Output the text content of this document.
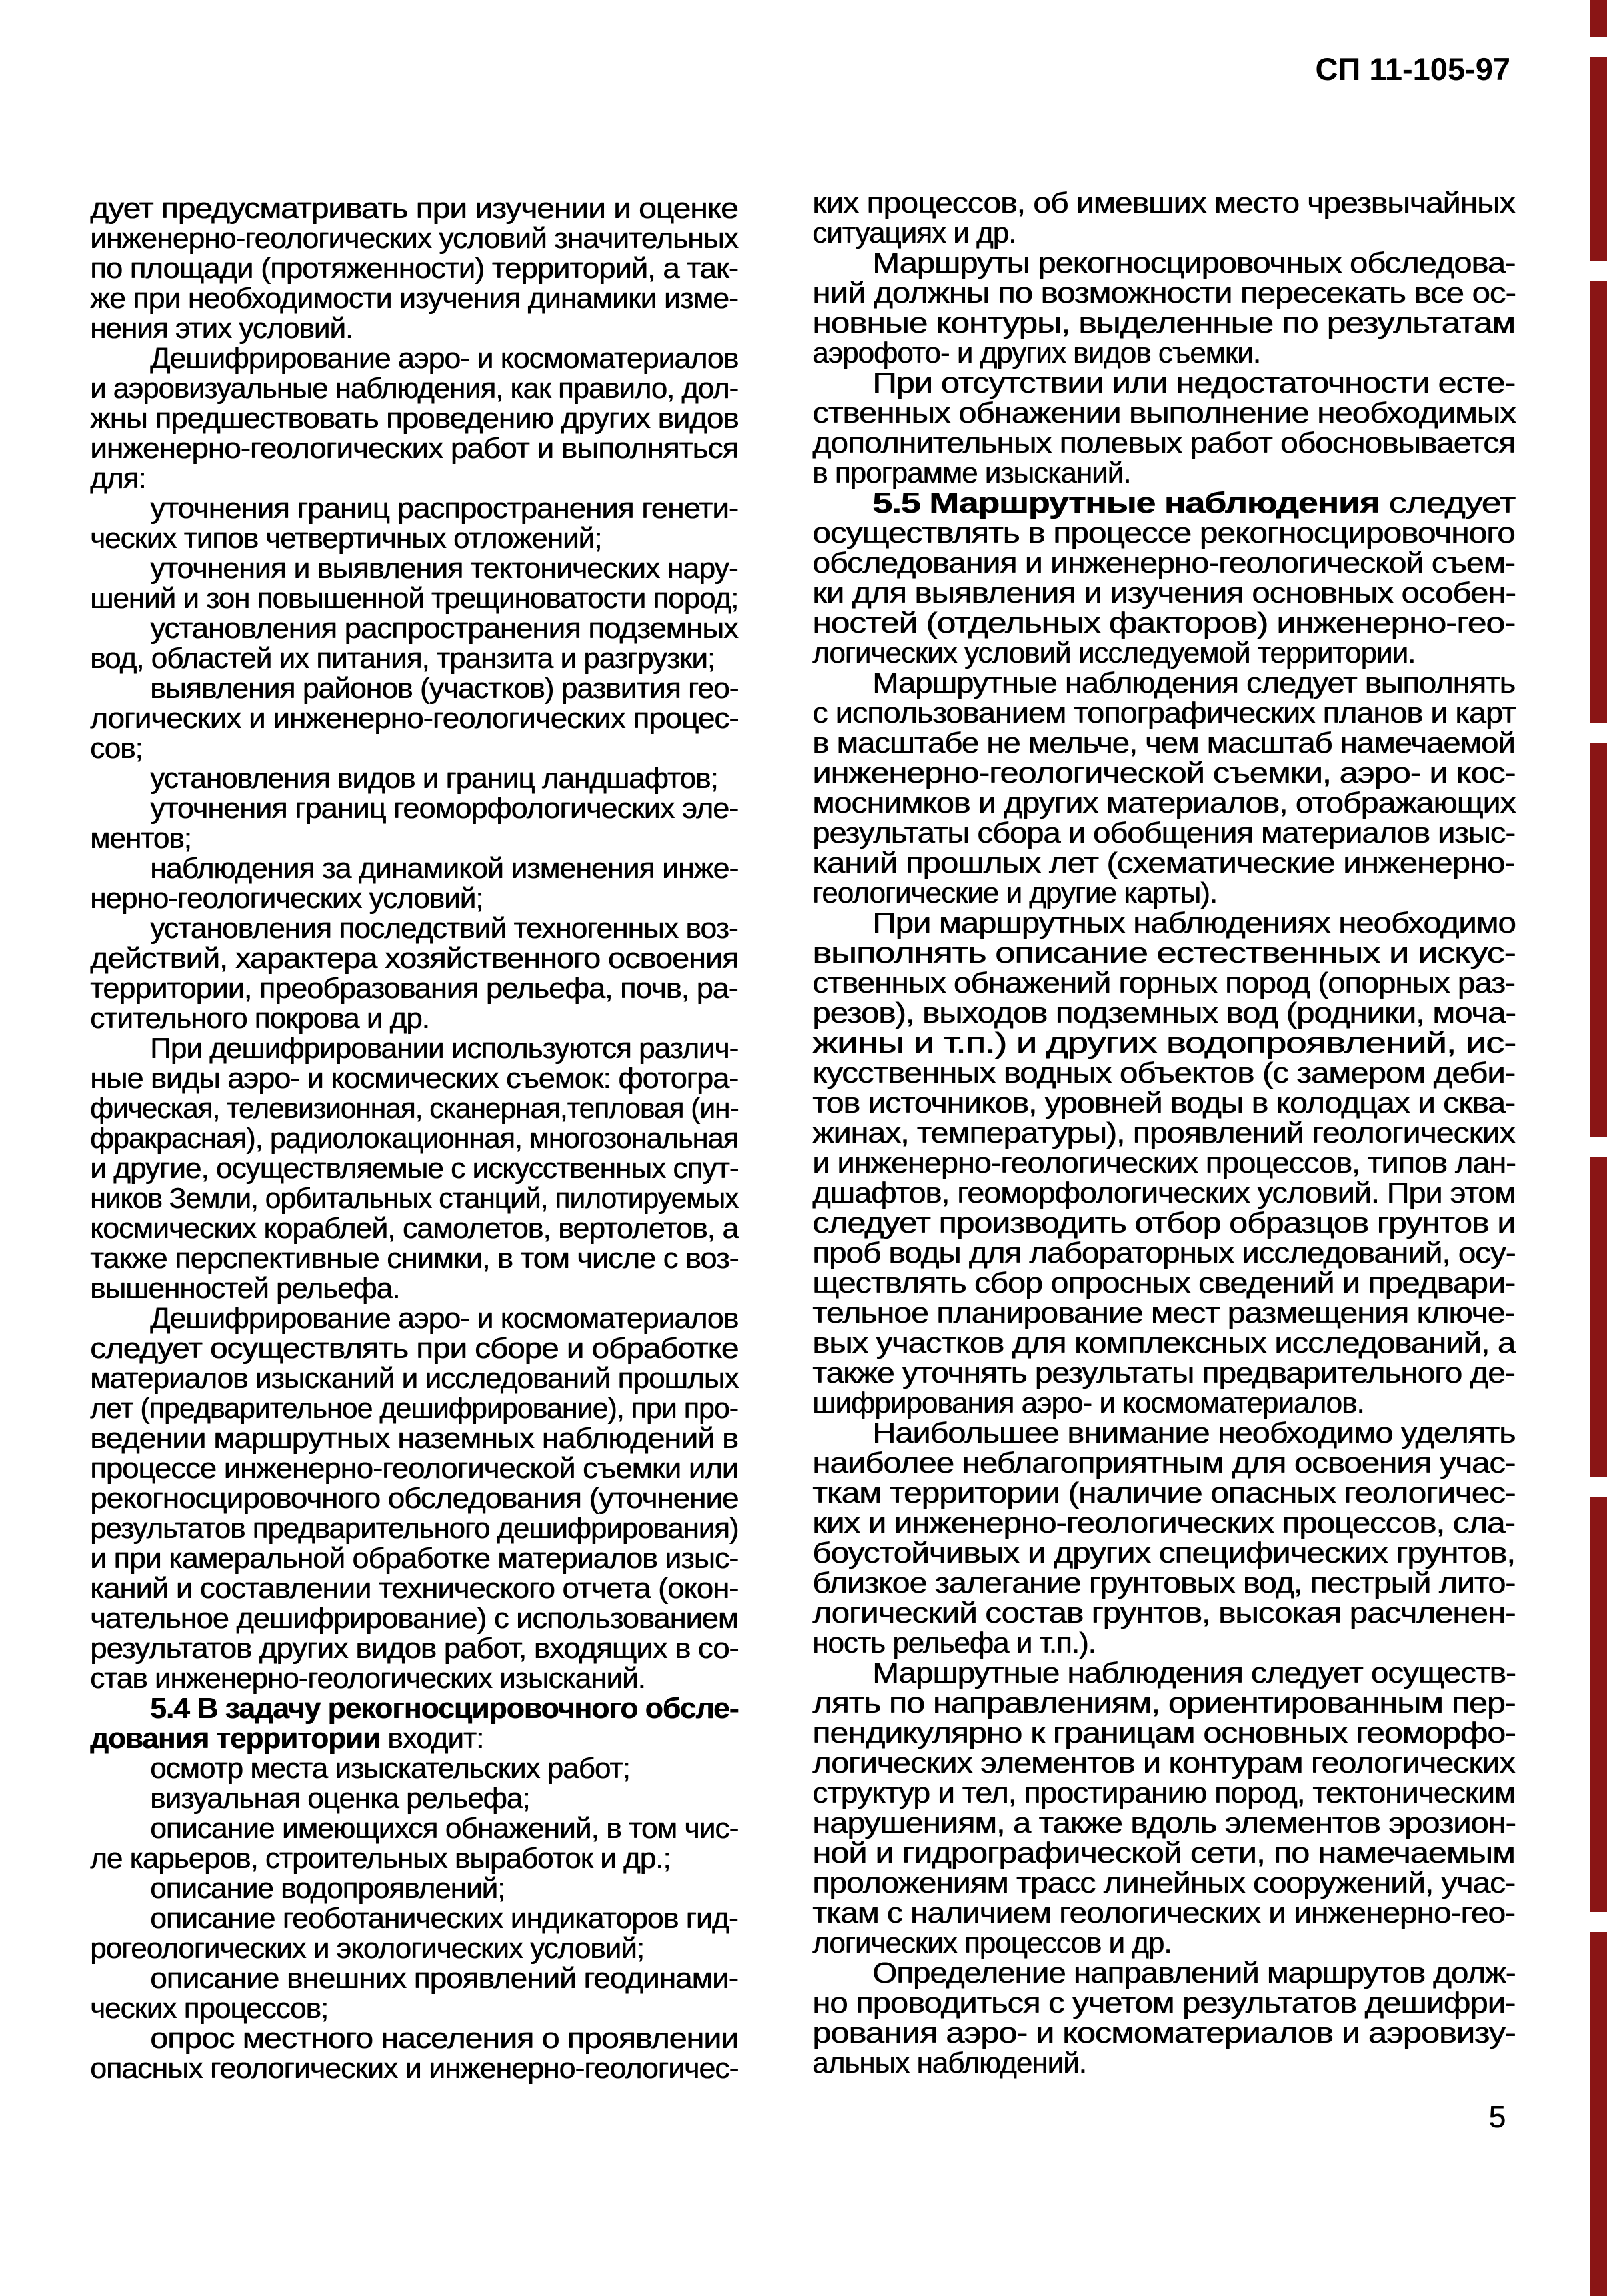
СП 11-105-97
дует предусматривать при изучении и оценке
инженерно-геологических условий значительных
по площади (протяженности) территорий, а так-
же при необходимости изучения динамики изме-
нения этих условий.
Дешифрирование аэро- и космоматериалов
и аэровизуальные наблюдения, как правило, дол-
жны предшествовать проведению других видов
инженерно-геологических работ и выполняться
для:
уточнения границ распространения генети-
ческих типов четвертичных отложений;
уточнения и выявления тектонических нару-
шений и зон повышенной трещиноватости пород;
установления распространения подземных
вод, областей их питания, транзита и разгрузки;
выявления районов (участков) развития гео-
логических и инженерно-геологических процес-
сов;
установления видов и границ ландшафтов;
уточнения границ геоморфологических эле-
ментов;
наблюдения за динамикой изменения инже-
нерно-геологических условий;
установления последствий техногенных воз-
действий, характера хозяйственного освоения
территории, преобразования рельефа, почв, ра-
стительного покрова и др.
При дешифрировании используются различ-
ные виды аэро- и космических съемок: фотогра-
фическая, телевизионная, сканерная,тепловая (ин-
фракрасная), радиолокационная, многозональная
и другие, осуществляемые с искусственных спут-
ников Земли, орбитальных станций, пилотируемых
космических кораблей, самолетов, вертолетов, а
также перспективные снимки, в том числе с воз-
вышенностей рельефа.
Дешифрирование аэро- и космоматериалов
следует осуществлять при сборе и обработке
материалов изысканий и исследований прошлых
лет (предварительное дешифрирование), при про-
ведении маршрутных наземных наблюдений в
процессе инженерно-геологической съемки или
рекогносцировочного обследования (уточнение
результатов предварительного дешифрирования)
и при камеральной обработке материалов изыс-
каний и составлении технического отчета (окон-
чательное дешифрирование) с использованием
результатов других видов работ, входящих в со-
став инженерно-геологических изысканий.
5.4 В задачу рекогносцировочного обсле-
дования территории входит:
осмотр места изыскательских работ;
визуальная оценка рельефа;
описание имеющихся обнажений, в том чис-
ле карьеров, строительных выработок и др.;
описание водопроявлений;
описание геоботанических индикаторов гид-
рогеологических и экологических условий;
описание внешних проявлений геодинами-
ческих процессов;
опрос местного населения о проявлении
опасных геологических и инженерно-геологичес-
ких процессов, об имевших место чрезвычайных
ситуациях и др.
Маршруты рекогносцировочных обследова-
ний должны по возможности пересекать все ос-
новные контуры, выделенные по результатам
аэрофото- и других видов съемки.
При отсутствии или недостаточности есте-
ственных обнажении выполнение необходимых
дополнительных полевых работ обосновывается
в программе изысканий.
5.5 Маршрутные наблюдения следует
осуществлять в процессе рекогносцировочного
обследования и инженерно-геологической съем-
ки для выявления и изучения основных особен-
ностей (отдельных факторов) инженерно-гео-
логических условий исследуемой территории.
Маршрутные наблюдения следует выполнять
с использованием топографических планов и карт
в масштабе не мельче, чем масштаб намечаемой
инженерно-геологической съемки, аэро- и кос-
моснимков и других материалов, отображающих
результаты сбора и обобщения материалов изыс-
каний прошлых лет (схематические инженерно-
геологические и другие карты).
При маршрутных наблюдениях необходимо
выполнять описание естественных и искус-
ственных обнажений горных пород (опорных раз-
резов), выходов подземных вод (родники, моча-
жины и т.п.) и других водопроявлений, ис-
кусственных водных объектов (с замером деби-
тов источников, уровней воды в колодцах и сква-
жинах, температуры), проявлений геологических
и инженерно-геологических процессов, типов лан-
дшафтов, геоморфологических условий. При этом
следует производить отбор образцов грунтов и
проб воды для лабораторных исследований, осу-
ществлять сбор опросных сведений и предвари-
тельное планирование мест размещения ключе-
вых участков для комплексных исследований, а
также уточнять результаты предварительного де-
шифрирования аэро- и космоматериалов.
Наибольшее внимание необходимо уделять
наиболее неблагоприятным для освоения учас-
ткам территории (наличие опасных геологичес-
ких и инженерно-геологических процессов, сла-
боустойчивых и других специфических грунтов,
близкое залегание грунтовых вод, пестрый лито-
логический состав грунтов, высокая расчленен-
ность рельефа и т.п.).
Маршрутные наблюдения следует осуществ-
лять по направлениям, ориентированным пер-
пендикулярно к границам основных геоморфо-
логических элементов и контурам геологических
структур и тел, простиранию пород, тектоническим
нарушениям, а также вдоль элементов эрозион-
ной и гидрографической сети, по намечаемым
проложениям трасс линейных сооружений, учас-
ткам с наличием геологических и инженерно-гео-
логических процессов и др.
Определение направлений маршрутов долж-
но проводиться с учетом результатов дешифри-
рования аэро- и космоматериалов и аэровизу-
альных наблюдений.
5
